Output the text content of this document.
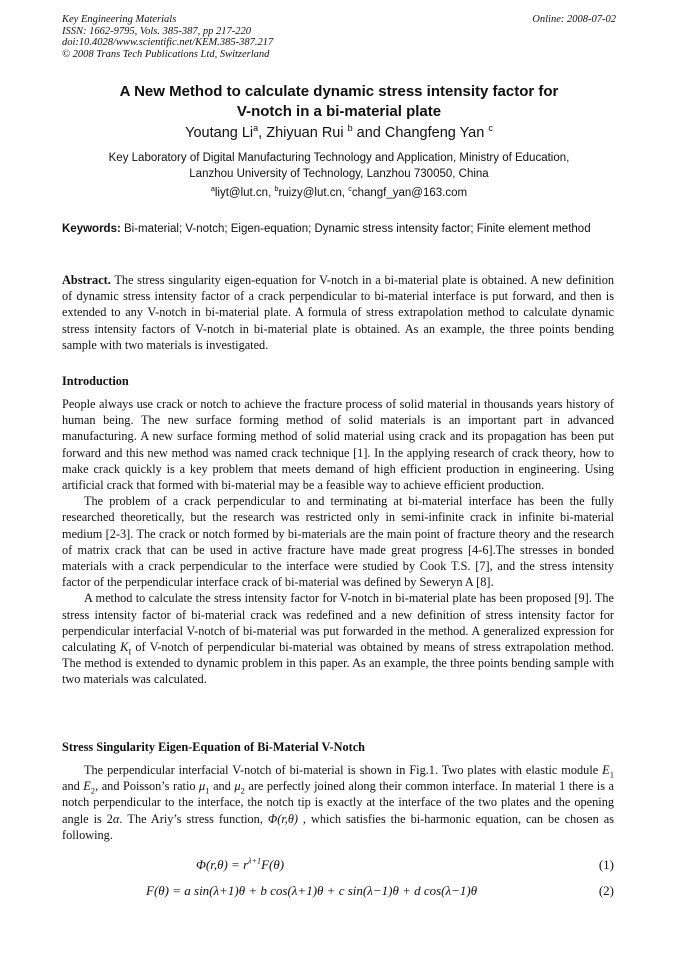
Key Engineering Materials
ISSN: 1662-9795, Vols. 385-387, pp 217-220
doi:10.4028/www.scientific.net/KEM.385-387.217
© 2008 Trans Tech Publications Ltd, Switzerland
Online: 2008-07-02
A New Method to calculate dynamic stress intensity factor for
V-notch in a bi-material plate
Youtang Li$^a$, Zhiyuan Rui $^b$ and Changfeng Yan $^c$
Key Laboratory of Digital Manufacturing Technology and Application, Ministry of Education,
Lanzhou University of Technology, Lanzhou 730050, China
$^a$liyt@lut.cn, $^b$ruizy@lut.cn, $^c$changf_yan@163.com
Keywords: Bi-material; V-notch; Eigen-equation; Dynamic stress intensity factor; Finite element method

Abstract. The stress singularity eigen-equation for V-notch in a bi-material plate is obtained. A new definition of dynamic stress intensity factor of a crack perpendicular to bi-material interface is put forward, and then is extended to any V-notch in bi-material plate. A formula of stress extrapolation method to calculate dynamic stress intensity factors of V-notch in bi-material plate is obtained. As an example, the three points bending sample with two materials is investigated.

Introduction

People always use crack or notch to achieve the fracture process of solid material in thousands years history of human being. The new surface forming method of solid materials is an important part in advanced manufacturing. A new surface forming method of solid material using crack and its propagation has been put forward and this new method was named crack technique [1]. In the applying research of crack theory, how to make crack quickly is a key problem that meets demand of high efficient production in engineering. Using artificial crack that formed with bi-material may be a feasible way to achieve efficient production.

The problem of a crack perpendicular to and terminating at bi-material interface has been the fully researched theoretically, but the research was restricted only in semi-infinite crack in infinite bi-material medium [2-3]. The crack or notch formed by bi-materials are the main point of fracture theory and the research of matrix crack that can be used in active fracture have made great progress [4-6].The stresses in bonded materials with a crack perpendicular to the interface were studied by Cook T.S. [7], and the stress intensity factor of the perpendicular interface crack of bi-material was defined by Seweryn A [8].

A method to calculate the stress intensity factor for V-notch in bi-material plate has been proposed [9]. The stress intensity factor of bi-material crack was redefined and a new definition of stress intensity factor for perpendicular interfacial V-notch of bi-material was put forwarded in the method. A generalized expression for calculating $K_I$ of V-notch of perpendicular bi-material was obtained by means of stress extrapolation method. The method is extended to dynamic problem in this paper. As an example, the three points bending sample with two materials was calculated.

Stress Singularity Eigen-Equation of Bi-Material V-Notch

The perpendicular interfacial V-notch of bi-material is shown in Fig.1. Two plates with elastic module $E_1$ and $E_2$, and Poisson’s ratio $\mu_1$ and $\mu_2$ are perfectly joined along their common interface. In material 1 there is a notch perpendicular to the interface, the notch tip is exactly at the interface of the two plates and the opening angle is 2α. The Ariy’s stress function, Φ(r,θ) , which satisfies the bi-harmonic equation, can be chosen as following.

$\Phi(r,\theta) = r^{\lambda+1}F(\theta)$	(1)
F(θ) = a sin(λ+1)θ + b cos(λ+1)θ + c sin(λ−1)θ + d cos(λ−1)θ	(2)
